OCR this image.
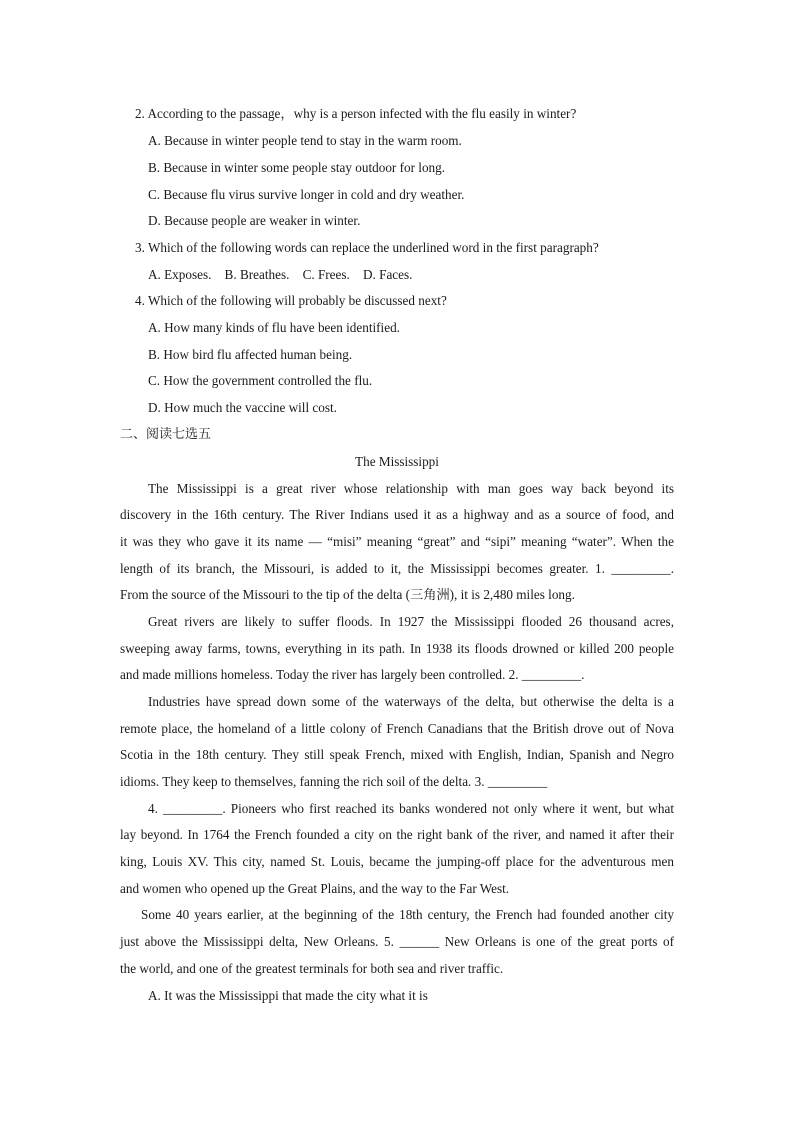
2. According to the passage，why is a person infected with the flu easily in winter?
A. Because in winter people tend to stay in the warm room.
B. Because in winter some people stay outdoor for long.
C. Because flu virus survive longer in cold and dry weather.
D. Because people are weaker in winter.
3. Which of the following words can replace the underlined word in the first paragraph?
A. Exposes.    B. Breathes.    C. Frees.    D. Faces.
4. Which of the following will probably be discussed next?
A. How many kinds of flu have been identified.
B. How bird flu affected human being.
C. How the government controlled the flu.
D. How much the vaccine will cost.
二、阅读七选五
The Mississippi
The Mississippi is a great river whose relationship with man goes way back beyond its
discovery in the 16th century. The River Indians used it as a highway and as a source of food, and
it was they who gave it its name — “misi” meaning “great” and “sipi” meaning “water”. When the
length of its branch, the Missouri, is added to it, the Mississippi becomes greater. 1. _________.
From the source of the Missouri to the tip of the delta (三角洲), it is 2,480 miles long.
Great rivers are likely to suffer floods. In 1927 the Mississippi flooded 26 thousand acres,
sweeping away farms, towns, everything in its path. In 1938 its floods drowned or killed 200 people
and made millions homeless. Today the river has largely been controlled. 2. _________.
Industries have spread down some of the waterways of the delta, but otherwise the delta is a
remote place, the homeland of a little colony of French Canadians that the British drove out of Nova
Scotia in the 18th century. They still speak French, mixed with English, Indian, Spanish and Negro
idioms. They keep to themselves, fanning the rich soil of the delta. 3. _________
4. _________. Pioneers who first reached its banks wondered not only where it went, but what
lay beyond. In 1764 the French founded a city on the right bank of the river, and named it after their
king, Louis XV. This city, named St. Louis, became the jumping-off place for the adventurous men
and women who opened up the Great Plains, and the way to the Far West.
Some 40 years earlier, at the beginning of the 18th century, the French had founded another city
just above the Mississippi delta, New Orleans. 5. ______ New Orleans is one of the great ports of
the world, and one of the greatest terminals for both sea and river traffic.
A. It was the Mississippi that made the city what it is
